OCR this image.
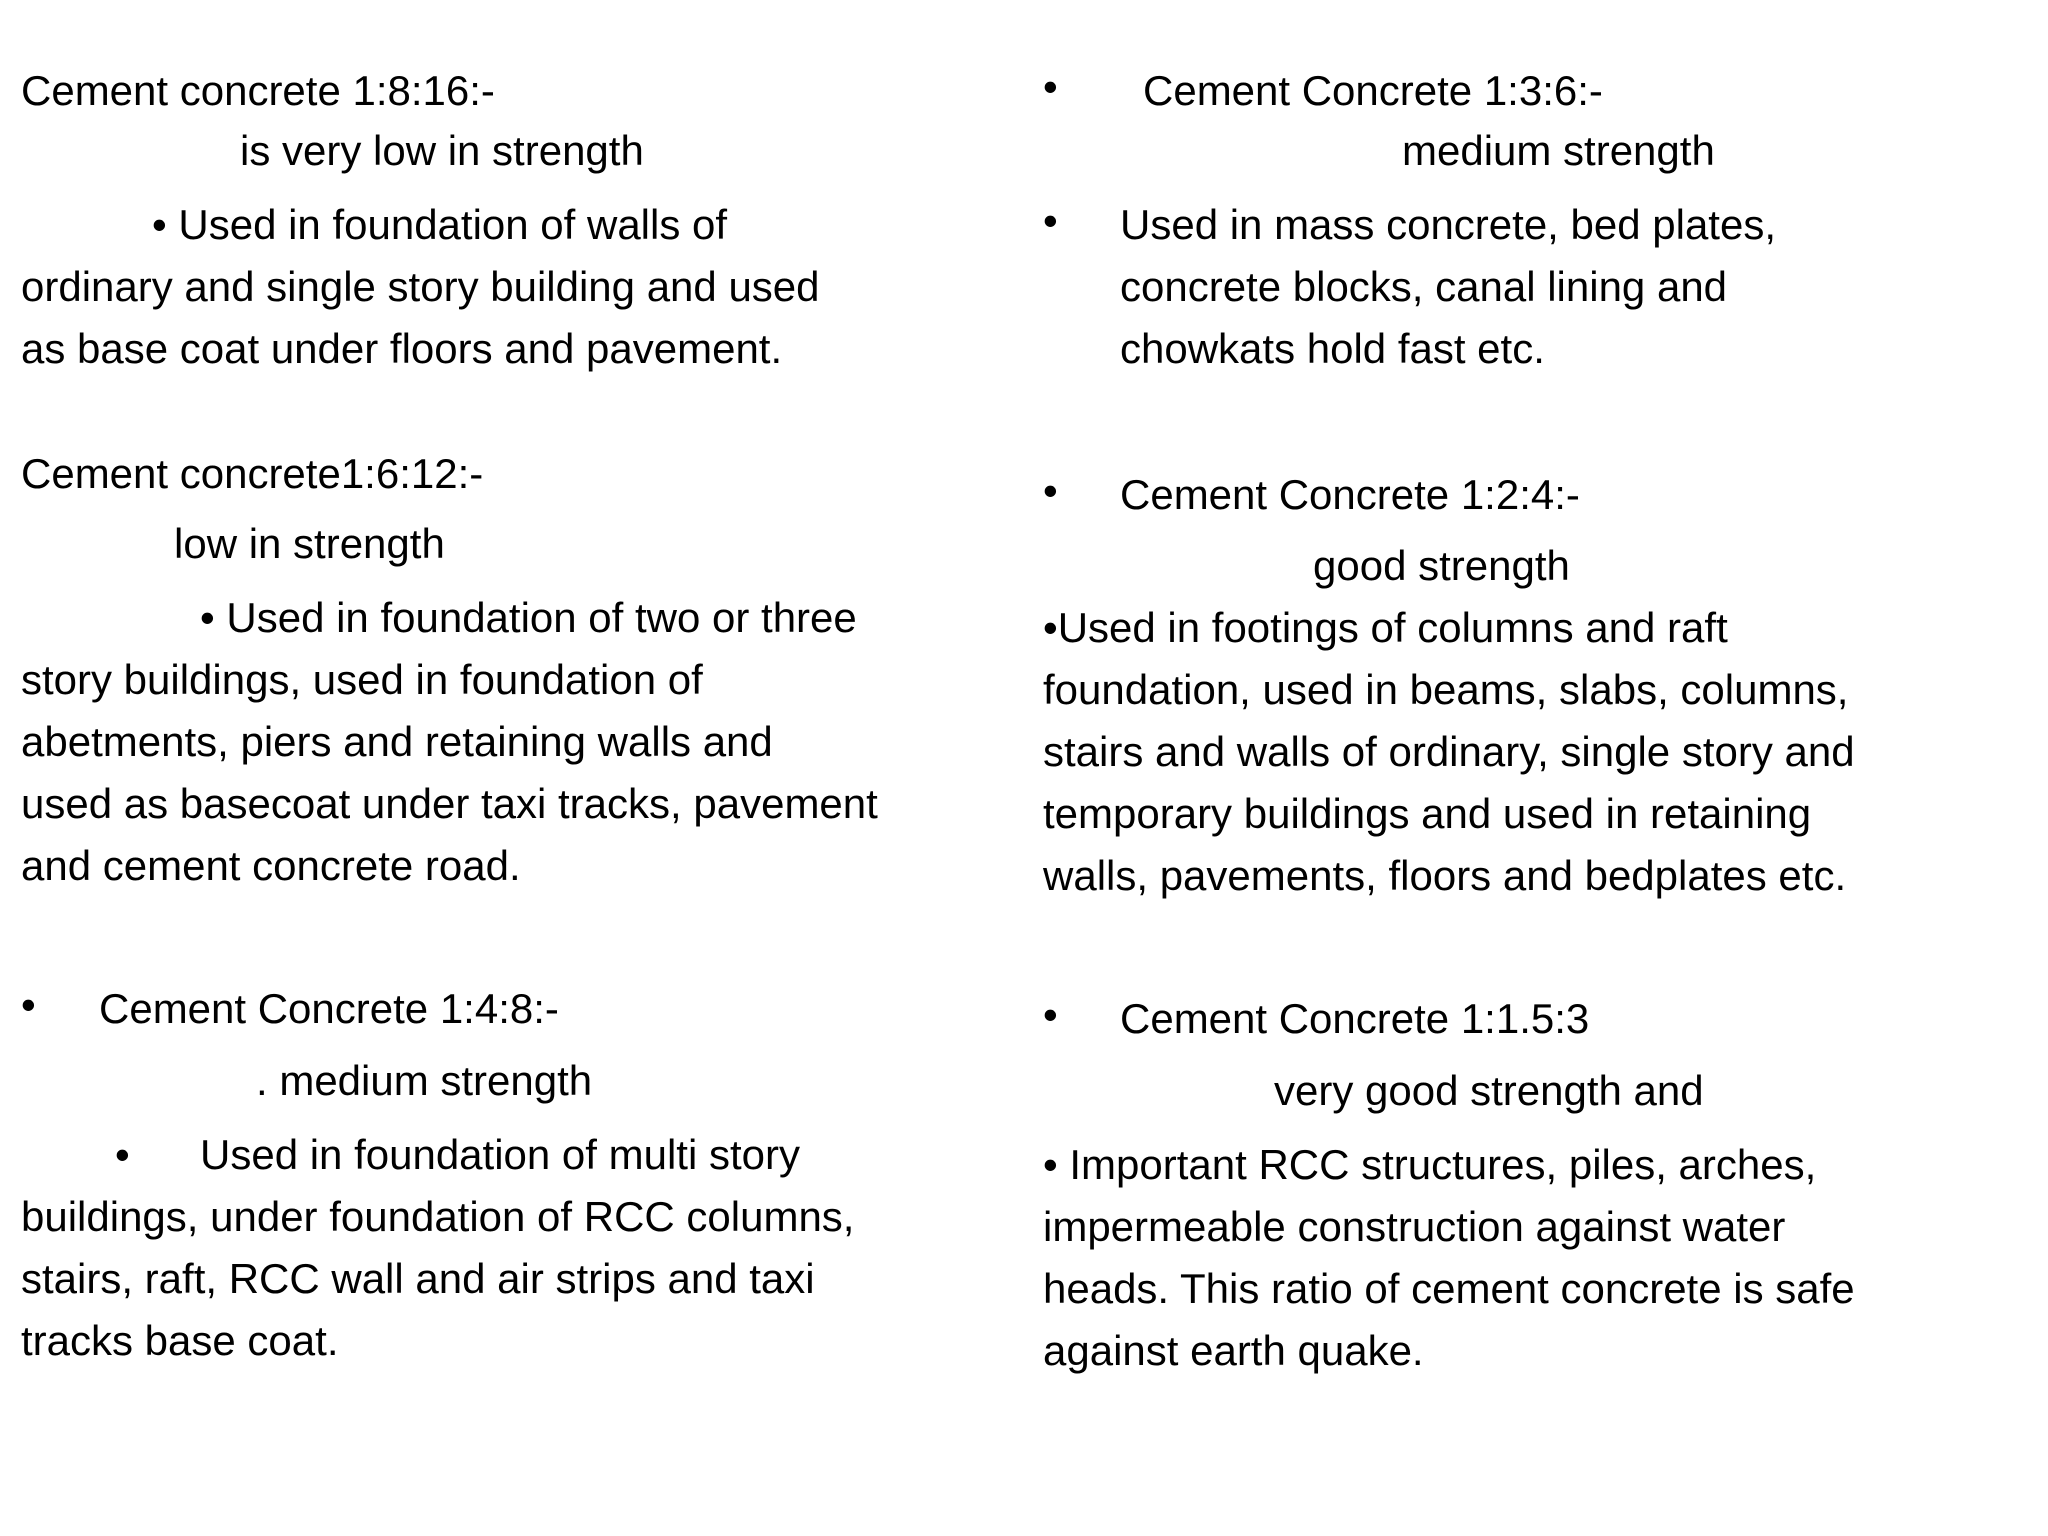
Cement concrete 1:8:16:-
is very low in strength
• Used in foundation of walls of
ordinary and single story building and used
as base coat under floors and pavement.
Cement concrete1:6:12:-
low in strength
• Used in foundation of two or three
story buildings, used in foundation of
abetments, piers and retaining walls and
used as basecoat under taxi tracks, pavement
and cement concrete road.
• Cement Concrete 1:4:8:-
. medium strength
• Used in foundation of multi story
buildings, under foundation of RCC columns,
stairs, raft, RCC wall and air strips and taxi
tracks base coat.
• Cement Concrete 1:3:6:-
medium strength
• Used in mass concrete, bed plates,
concrete blocks, canal lining and
chowkats hold fast etc.
• Cement Concrete 1:2:4:-
good strength
•Used in footings of columns and raft
foundation, used in beams, slabs, columns,
stairs and walls of ordinary, single story and
temporary buildings and used in retaining
walls, pavements, floors and bedplates etc.
• Cement Concrete 1:1.5:3
very good strength and
• Important RCC structures, piles, arches,
impermeable construction against water
heads. This ratio of cement concrete is safe
against earth quake.
